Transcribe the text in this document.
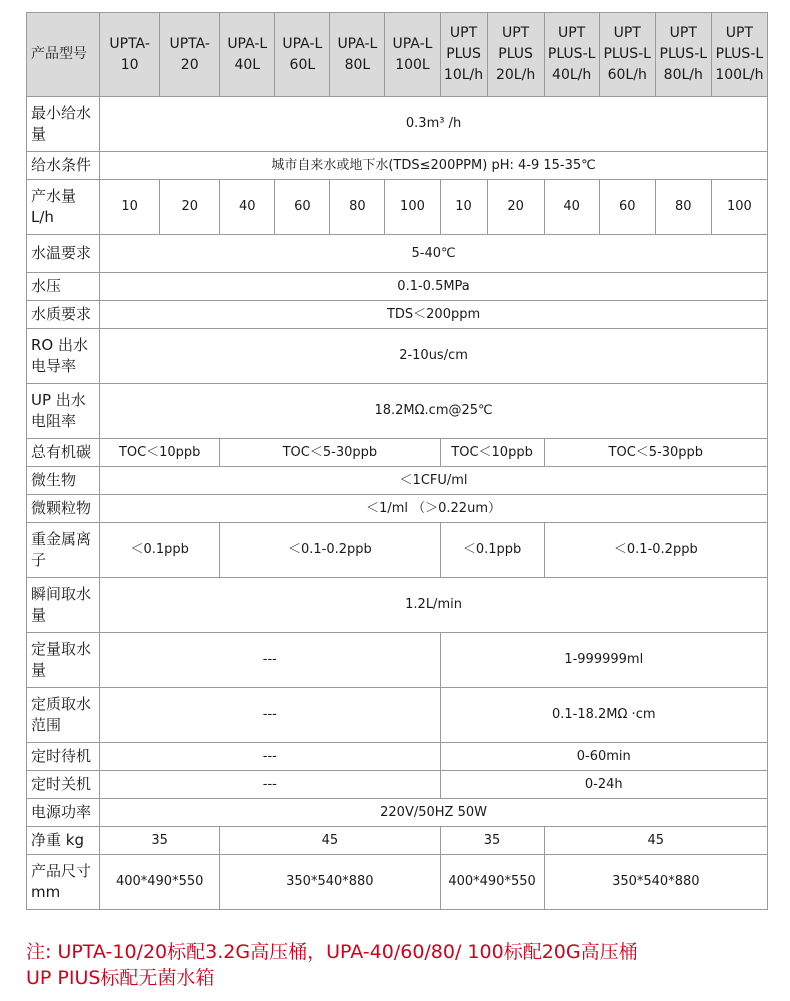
产品型号	UPTA-10	UPTA-20	UPA-L 40L	UPA-L 60L	UPA-L 80L	UPA-L 100L	UPT PLUS 10L/h	UPT PLUS 20L/h	UPT PLUS-L 40L/h	UPT PLUS-L 60L/h	UPT PLUS-L 80L/h	UPT PLUS-L 100L/h
最小给水量	0.3m³ /h											
给水条件	城市自来水或地下水(TDS≤200PPM) pH: 4-9 15-35℃											
产水量 L/h	10	20	40	60	80	100	10	20	40	60	80	100
水温要求	5-40℃											
水压	0.1-0.5MPa											
水质要求	TDS＜200ppm											
RO 出水电导率	2-10us/cm											
UP 出水电阻率	18.2MΩ.cm@25℃											
总有机碳	TOC＜10ppb		TOC＜5-30ppb				TOC＜10ppb		TOC＜5-30ppb			
微生物	＜1CFU/ml											
微颗粒物	＜1/ml （＞0.22um）											
重金属离子	＜0.1ppb		＜0.1-0.2ppb				＜0.1ppb		＜0.1-0.2ppb			
瞬间取水量	1.2L/min											
定量取水量	---						1-999999ml					
定质取水范围	---						0.1-18.2MΩ ·cm					
定时待机	---						0-60min					
定时关机	---						0-24h					
电源功率	220V/50HZ 50W											
净重 kg	35		45				35		45			
产品尺寸 mm	400*490*550		350*540*880				400*490*550		350*540*880			
注: UPTA-10/20标配3.2G高压桶，UPA-40/60/80/ 100标配20G高压桶
UP PIUS标配无菌水箱
